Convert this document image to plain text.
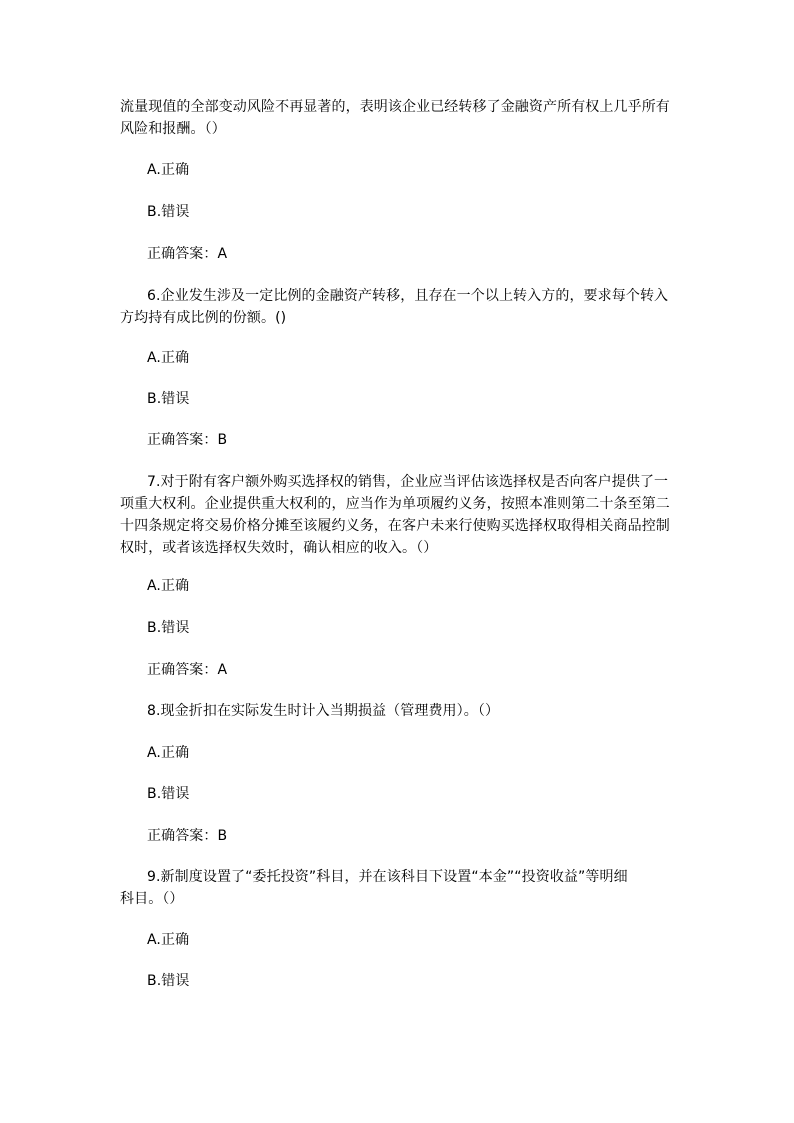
流量现值的全部变动风险不再显著的，表明该企业已经转移了金融资产所有权上几乎所有
风险和报酬。（）
A.正确
B.错误
正确答案：A
6.企业发生涉及一定比例的金融资产转移，且存在一个以上转入方的，要求每个转入
方均持有成比例的份额。()
A.正确
B.错误
正确答案：B
7.对于附有客户额外购买选择权的销售，企业应当评估该选择权是否向客户提供了一
项重大权利。企业提供重大权利的，应当作为单项履约义务，按照本准则第二十条至第二
十四条规定将交易价格分摊至该履约义务，在客户未来行使购买选择权取得相关商品控制
权时，或者该选择权失效时，确认相应的收入。（）
A.正确
B.错误
正确答案：A
8.现金折扣在实际发生时计入当期损益（管理费用）。（）
A.正确
B.错误
正确答案：B
9.新制度设置了“委托投资”科目，并在该科目下设置“本金”“投资收益”等明细
科目。（）
A.正确
B.错误
